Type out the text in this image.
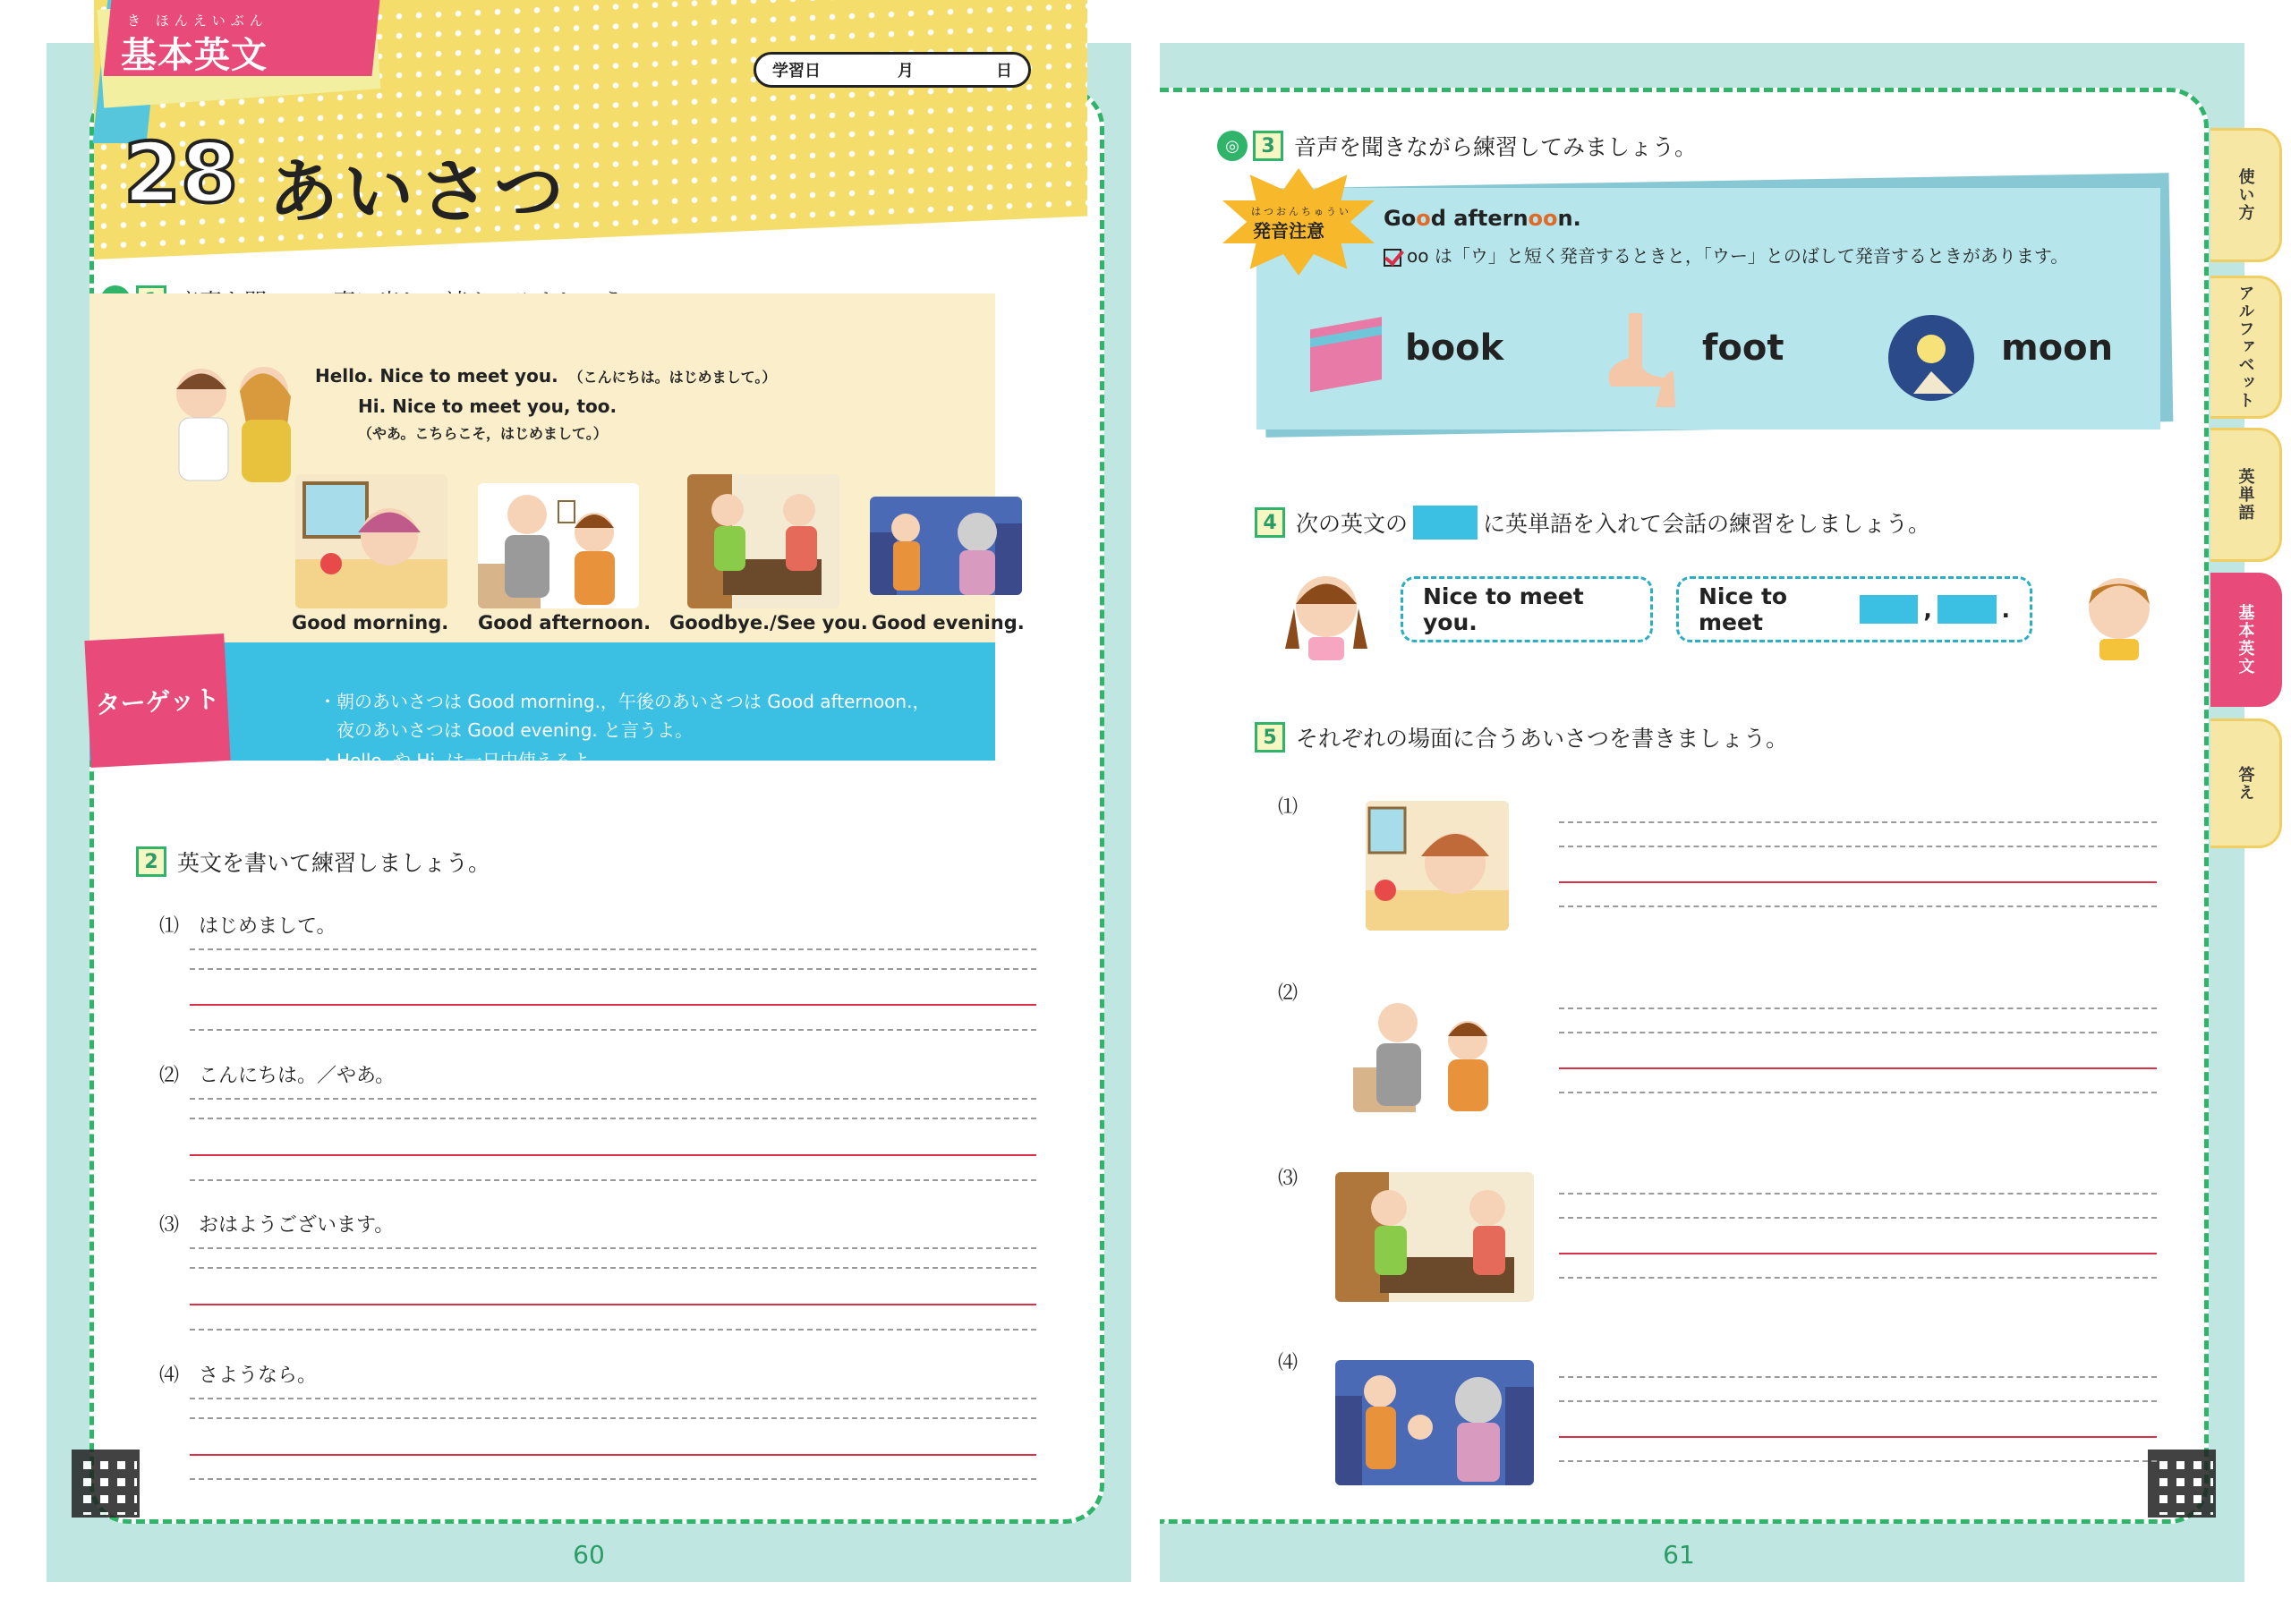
60
き ほんえいぶん
基本英文
28 あいさつ
学習日	月	日
Hello. Nice to meet you. （こんにちは。はじめまして。）
Hi. Nice to meet you, too.
（やあ。こちらこそ，はじめまして。）
Good morning. Good afternoon. Goodbye./See you. Good evening.
ターゲット	・朝のあいさつは Good morning.，午後のあいさつは Good afternoon.，
　夜のあいさつは Good evening. と言うよ。
・Hello. や Hi. は一日中使えるよ。
・人と別れるときは，Goodbye. や See you. と言おう。
2 英文を書いて練習しましょう。
⑴　はじめまして。
⑵　こんにちは。／やあ。
⑶　おはようございます。
⑷　さようなら。
61
使い方
アルファベット
英単語
基本英文
答え
◎	3 音声を聞きながら練習してみましょう。
はつおんちゅうい
発音注意	Good afternoon.
oo は「ウ」と短く発音するときと，「ウー」とのばして発音するときがあります。
book	foot	moon
4 次の英文の	に英単語を入れて会話の練習をしましょう。
Nice to meet you.
Nice to meet	,	.
5 それぞれの場面に合うあいさつを書きましょう。
⑴
⑵
⑶
⑷
